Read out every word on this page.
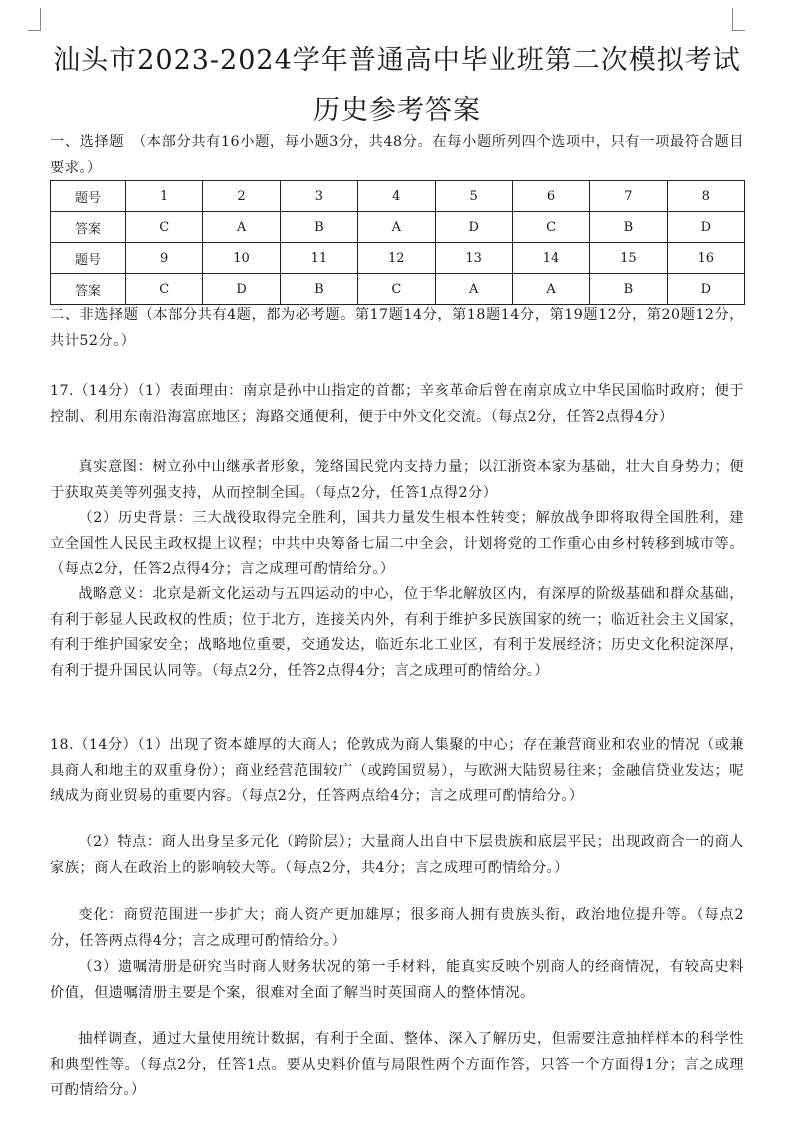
汕头市2023-2024学年普通高中毕业班第二次模拟考试
历史参考答案
一、选择题　（本部分共有16小题，每小题3分，共48分。在每小题所列四个选项中，只有一项最符合题目要求。）
题号	1	2	3	4	5	6	7	8
答案	C	A	B	A	D	C	B	D
题号	9	10	11	12	13	14	15	16
答案	C	D	B	C	A	A	B	D
二、非选择题（本部分共有4题，都为必考题。第17题14分，第18题14分，第19题12分，第20题12分，共计52分。）
17.（14分）（1）表面理由：南京是孙中山指定的首都；辛亥革命后曾在南京成立中华民国临时政府；便于控制、利用东南沿海富庶地区；海路交通便利，便于中外文化交流。（每点2分，任答2点得4分）
真实意图：树立孙中山继承者形象，笼络国民党内支持力量；以江浙资本家为基础，壮大自身势力；便于获取英美等列强支持，从而控制全国。（每点2分，任答1点得2分）
（2）历史背景：三大战役取得完全胜利，国共力量发生根本性转变；解放战争即将取得全国胜利，建立全国性人民民主政权提上议程；中共中央筹备七届二中全会，计划将党的工作重心由乡村转移到城市等。（每点2分，任答2点得4分；言之成理可酌情给分。）
战略意义：北京是新文化运动与五四运动的中心，位于华北解放区内，有深厚的阶级基础和群众基础，有利于彰显人民政权的性质；位于北方，连接关内外，有利于维护多民族国家的统一；临近社会主义国家，有利于维护国家安全；战略地位重要，交通发达，临近东北工业区，有利于发展经济；历史文化积淀深厚，有利于提升国民认同等。（每点2分，任答2点得4分；言之成理可酌情给分。）
18.（14分）（1）出现了资本雄厚的大商人；伦敦成为商人集聚的中心；存在兼营商业和农业的情况（或兼具商人和地主的双重身份）；商业经营范围较广（或跨国贸易），与欧洲大陆贸易往来；金融信贷业发达；呢绒成为商业贸易的重要内容。（每点2分，任答两点给4分；言之成理可酌情给分。）
（2）特点：商人出身呈多元化（跨阶层）；大量商人出自中下层贵族和底层平民；出现政商合一的商人家族；商人在政治上的影响较大等。（每点2分，共4分；言之成理可酌情给分。）
变化：商贸范围进一步扩大；商人资产更加雄厚；很多商人拥有贵族头衔，政治地位提升等。（每点2分，任答两点得4分；言之成理可酌情给分。）
（3）遗嘱清册是研究当时商人财务状况的第一手材料，能真实反映个别商人的经商情况，有较高史料价值，但遗嘱清册主要是个案，很难对全面了解当时英国商人的整体情况。
抽样调查，通过大量使用统计数据，有利于全面、整体、深入了解历史，但需要注意抽样样本的科学性和典型性等。（每点2分，任答1点。要从史料价值与局限性两个方面作答，只答一个方面得1分；言之成理可酌情给分。）
